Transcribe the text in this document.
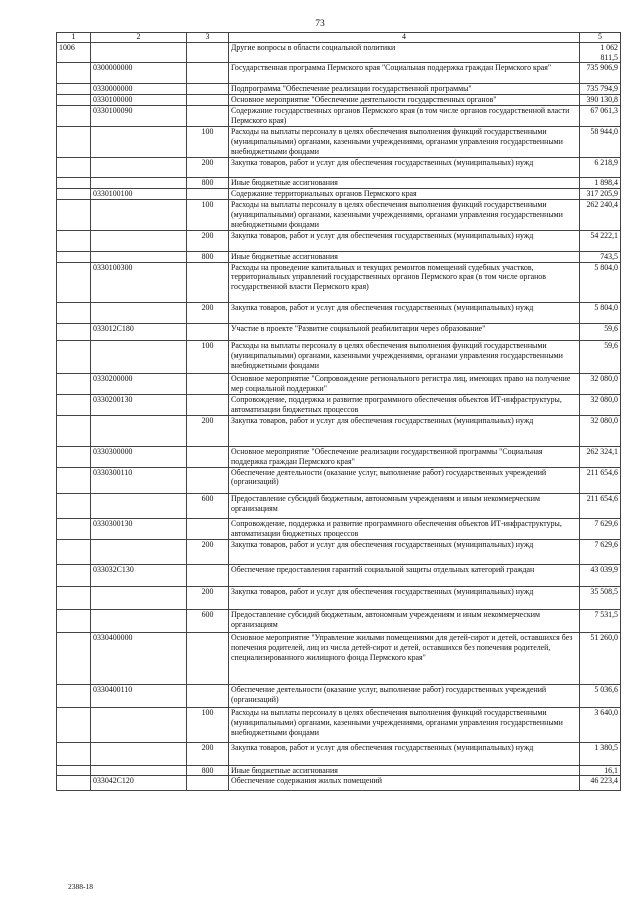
73
1	2	3	4	5
1006			Другие вопросы в области социальной политики	1 062 811,5
	0300000000		Государственная программа Пермского края "Социальная поддержка граждан Пермского края"	735 906,9
	0330000000		Подпрограмма "Обеспечение реализации государственной программы"	735 794,9
	0330100000		Основное мероприятие "Обеспечение деятельности государственных органов"	390 130,8
	0330100090		Содержание государственных органов Пермского края (в том числе органов государственной власти Пермского края)	67 061,3
		100	Расходы на выплаты персоналу в целях обеспечения выполнения функций государственными (муниципальными) органами, казенными учреждениями, органами управления государственными внебюджетными фондами	58 944,0
		200	Закупка товаров, работ и услуг для обеспечения государственных (муниципальных) нужд	6 218,9
		800	Иные бюджетные ассигнования	1 898,4
	0330100100		Содержание территориальных органов Пермского края	317 205,9
		100	Расходы на выплаты персоналу в целях обеспечения выполнения функций государственными (муниципальными) органами, казенными учреждениями, органами управления государственными внебюджетными фондами	262 240,4
		200	Закупка товаров, работ и услуг для обеспечения государственных (муниципальных) нужд	54 222,1
		800	Иные бюджетные ассигнования	743,5
	0330100300		Расходы на проведение капитальных и текущих ремонтов помещений судебных участков, территориальных управлений государственных органов Пермского края (в том числе органов государственной власти Пермского края)	5 804,0
		200	Закупка товаров, работ и услуг для обеспечения государственных (муниципальных) нужд	5 804,0
	033012С180		Участие в проекте "Развитие социальной реабилитации через образование"	59,6
		100	Расходы на выплаты персоналу в целях обеспечения выполнения функций государственными (муниципальными) органами, казенными учреждениями, органами управления государственными внебюджетными фондами	59,6
	0330200000		Основное мероприятие "Сопровождение регионального регистра лиц, имеющих право на получение мер социальной поддержки"	32 080,0
	0330200130		Сопровождение, поддержка и развитие программного обеспечения объектов ИТ-инфраструктуры, автоматизации бюджетных процессов	32 080,0
		200	Закупка товаров, работ и услуг для обеспечения государственных (муниципальных) нужд	32 080,0
	0330300000		Основное мероприятие "Обеспечение реализации государственной программы "Социальная поддержка граждан Пермского края"	262 324,1
	0330300110		Обеспечение деятельности (оказание услуг, выполнение работ) государственных учреждений (организаций)	211 654,6
		600	Предоставление субсидий бюджетным, автономным учреждениям и иным некоммерческим организациям	211 654,6
	0330300130		Сопровождение, поддержка и развитие программного обеспечения объектов ИТ-инфраструктуры, автоматизации бюджетных процессов	7 629,6
		200	Закупка товаров, работ и услуг для обеспечения государственных (муниципальных) нужд	7 629,6
	033032С130		Обеспечение предоставления гарантий социальной защиты отдельных категорий граждан	43 039,9
		200	Закупка товаров, работ и услуг для обеспечения государственных (муниципальных) нужд	35 508,5
		600	Предоставление субсидий бюджетным, автономным учреждениям и иным некоммерческим организациям	7 531,5
	0330400000		Основное мероприятие "Управление жилыми помещениями для детей-сирот и детей, оставшихся без попечения родителей, лиц из числа детей-сирот и детей, оставшихся без попечения родителей, специализированного жилищного фонда Пермского края"	51 260,0
	0330400110		Обеспечение деятельности (оказание услуг, выполнение работ) государственных учреждений (организаций)	5 036,6
		100	Расходы на выплаты персоналу в целях обеспечения выполнения функций государственными (муниципальными) органами, казенными учреждениями, органами управления государственными внебюджетными фондами	3 640,0
		200	Закупка товаров, работ и услуг для обеспечения государственных (муниципальных) нужд	1 380,5
		800	Иные бюджетные ассигнования	16,1
	033042С120		Обеспечение содержания жилых помещений	46 223,4
2388-18
